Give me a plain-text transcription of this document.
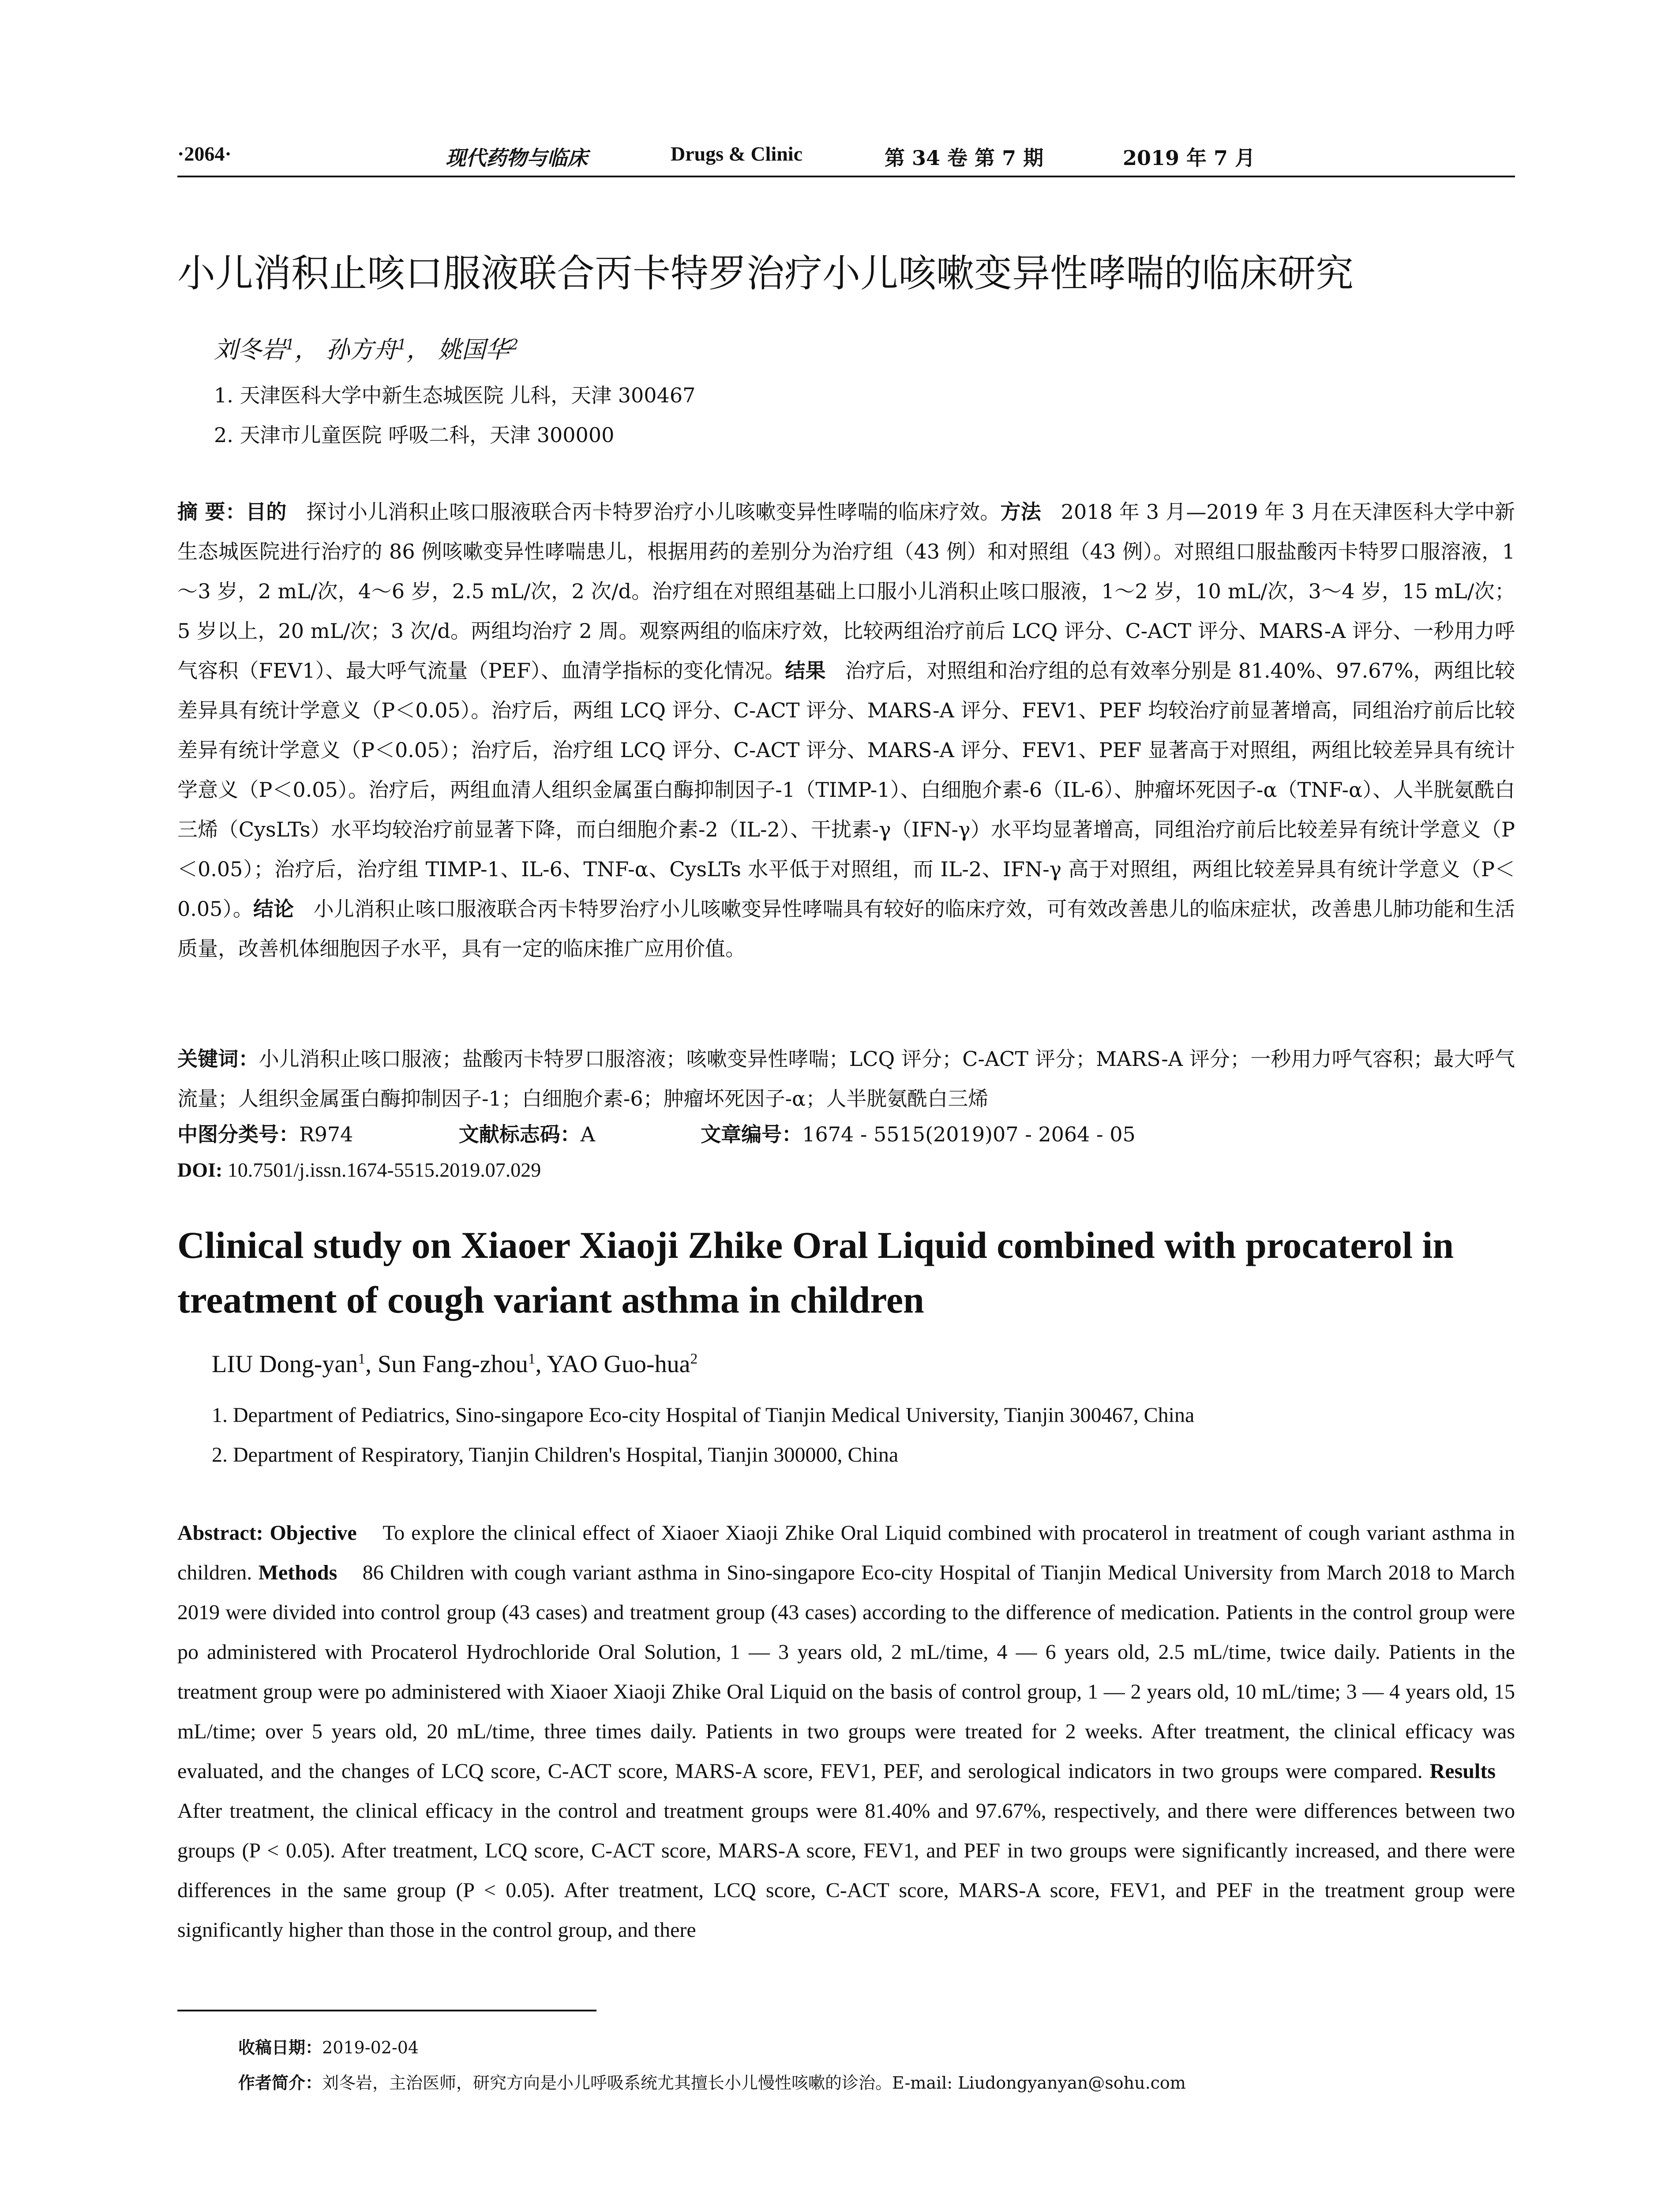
·2064·	现代药物与临床	Drugs & Clinic	第 34 卷 第 7 期	2019 年 7 月
小儿消积止咳口服液联合丙卡特罗治疗小儿咳嗽变异性哮喘的临床研究
刘冬岩$^1$， 孙方舟$^1$， 姚国华$^2$
1. 天津医科大学中新生态城医院 儿科，天津 300467
2. 天津市儿童医院 呼吸二科，天津 300000
摘 要：目的 探讨小儿消积止咳口服液联合丙卡特罗治疗小儿咳嗽变异性哮喘的临床疗效。方法 2018 年 3 月—2019 年 3 月在天津医科大学中新生态城医院进行治疗的 86 例咳嗽变异性哮喘患儿，根据用药的差别分为治疗组（43 例）和对照组（43 例）。对照组口服盐酸丙卡特罗口服溶液，1～3 岁，2 mL/次，4～6 岁，2.5 mL/次，2 次/d。治疗组在对照组基础上口服小儿消积止咳口服液，1～2 岁，10 mL/次，3～4 岁，15 mL/次；5 岁以上，20 mL/次；3 次/d。两组均治疗 2 周。观察两组的临床疗效，比较两组治疗前后 LCQ 评分、C-ACT 评分、MARS-A 评分、一秒用力呼气容积（FEV1）、最大呼气流量（PEF）、血清学指标的变化情况。结果 治疗后，对照组和治疗组的总有效率分别是 81.40%、97.67%，两组比较差异具有统计学意义（P＜0.05）。治疗后，两组 LCQ 评分、C-ACT 评分、MARS-A 评分、FEV1、PEF 均较治疗前显著增高，同组治疗前后比较差异有统计学意义（P＜0.05）；治疗后，治疗组 LCQ 评分、C-ACT 评分、MARS-A 评分、FEV1、PEF 显著高于对照组，两组比较差异具有统计学意义（P＜0.05）。治疗后，两组血清人组织金属蛋白酶抑制因子-1（TIMP-1）、白细胞介素-6（IL-6）、肿瘤坏死因子-α（TNF-α）、人半胱氨酰白三烯（CysLTs）水平均较治疗前显著下降，而白细胞介素-2（IL-2）、干扰素-γ（IFN-γ）水平均显著增高，同组治疗前后比较差异有统计学意义（P＜0.05）；治疗后，治疗组 TIMP-1、IL-6、TNF-α、CysLTs 水平低于对照组，而 IL-2、IFN-γ 高于对照组，两组比较差异具有统计学意义（P＜0.05）。结论 小儿消积止咳口服液联合丙卡特罗治疗小儿咳嗽变异性哮喘具有较好的临床疗效，可有效改善患儿的临床症状，改善患儿肺功能和生活质量，改善机体细胞因子水平，具有一定的临床推广应用价值。
关键词：小儿消积止咳口服液；盐酸丙卡特罗口服溶液；咳嗽变异性哮喘；LCQ 评分；C-ACT 评分；MARS-A 评分；一秒用力呼气容积；最大呼气流量；人组织金属蛋白酶抑制因子-1；白细胞介素-6；肿瘤坏死因子-α；人半胱氨酰白三烯
中图分类号：R974	文献标志码：A	文章编号：1674 - 5515(2019)07 - 2064 - 05
DOI: 10.7501/j.issn.1674-5515.2019.07.029
Clinical study on Xiaoer Xiaoji Zhike Oral Liquid combined with procaterol in
treatment of cough variant asthma in children
LIU Dong-yan$^1$, Sun Fang-zhou$^1$, YAO Guo-hua$^2$
1. Department of Pediatrics, Sino-singapore Eco-city Hospital of Tianjin Medical University, Tianjin 300467, China
2. Department of Respiratory, Tianjin Children's Hospital, Tianjin 300000, China
Abstract: Objective To explore the clinical effect of Xiaoer Xiaoji Zhike Oral Liquid combined with procaterol in treatment of cough variant asthma in children. Methods 86 Children with cough variant asthma in Sino-singapore Eco-city Hospital of Tianjin Medical University from March 2018 to March 2019 were divided into control group (43 cases) and treatment group (43 cases) according to the difference of medication. Patients in the control group were po administered with Procaterol Hydrochloride Oral Solution, 1 — 3 years old, 2 mL/time, 4 — 6 years old, 2.5 mL/time, twice daily. Patients in the treatment group were po administered with Xiaoer Xiaoji Zhike Oral Liquid on the basis of control group, 1 — 2 years old, 10 mL/time; 3 — 4 years old, 15 mL/time; over 5 years old, 20 mL/time, three times daily. Patients in two groups were treated for 2 weeks. After treatment, the clinical efficacy was evaluated, and the changes of LCQ score, C-ACT score, MARS-A score, FEV1, PEF, and serological indicators in two groups were compared. Results    After treatment, the clinical efficacy in the control and treatment groups were 81.40% and 97.67%, respectively, and there were differences between two groups (P < 0.05). After treatment, LCQ score, C-ACT score, MARS-A score, FEV1, and PEF in two groups were significantly increased, and there were differences in the same group (P < 0.05). After treatment, LCQ score, C-ACT score, MARS-A score, FEV1, and PEF in the treatment group were significantly higher than those in the control group, and there
收稿日期：2019-02-04
作者简介：刘冬岩，主治医师，研究方向是小儿呼吸系统尤其擅长小儿慢性咳嗽的诊治。E-mail: Liudongyanyan@sohu.com
